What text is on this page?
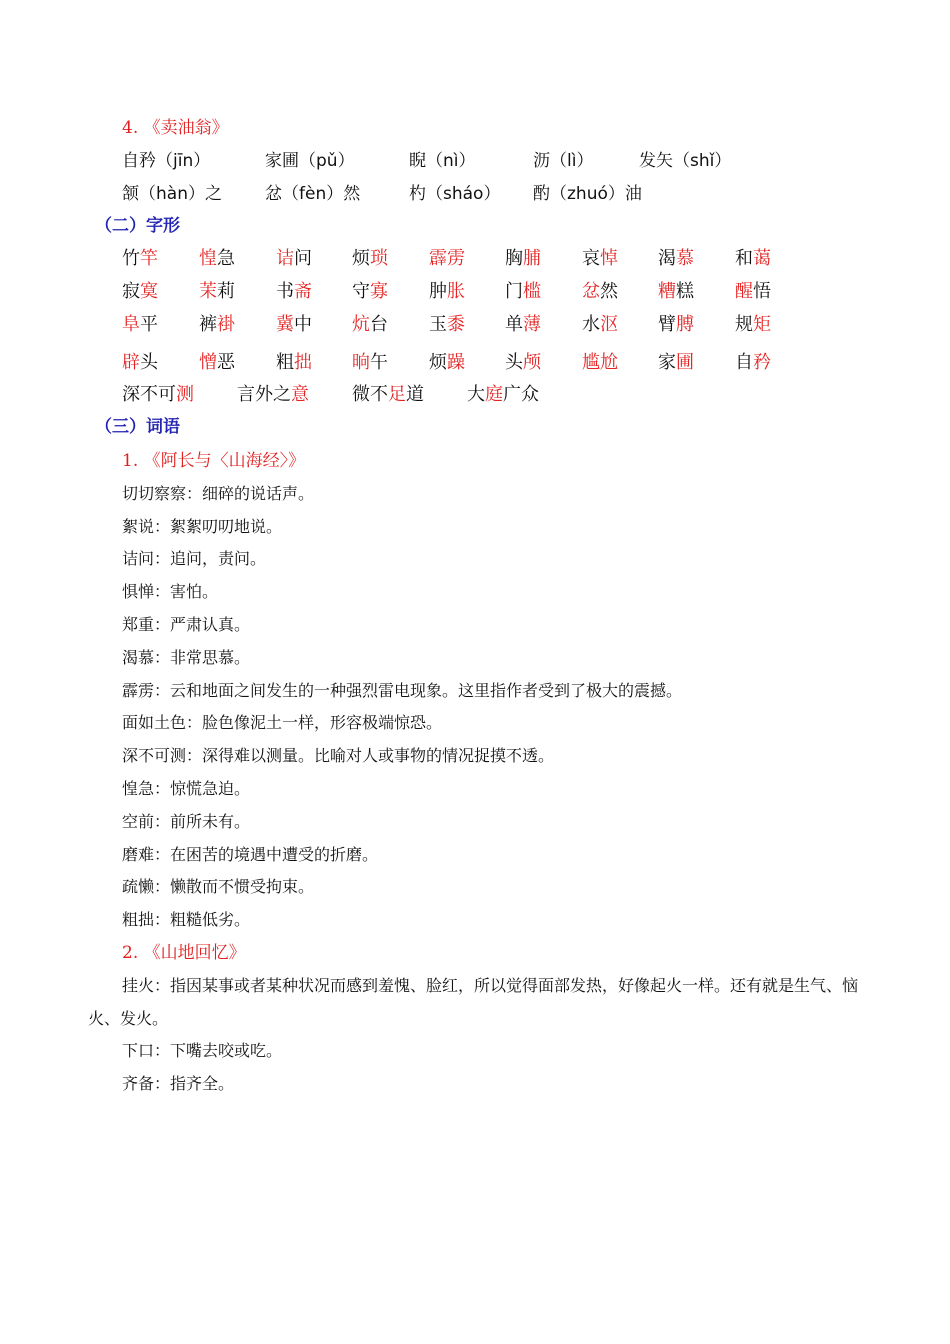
4. 《卖油翁》
自矜（jīn）	家圃（pǔ）	睨（nì）	沥（lì）	发矢（shǐ）
颔（hàn）之	忿（fèn）然	杓（sháo） 酌（zhuó）油
（二）字形
竹竿 惶急 诘问 烦琐 霹雳 胸脯 哀悼 渴慕 和蔼
寂寞 茉莉 书斋 守寡 肿胀 门槛 忿然 糟糕 醒悟
阜平 裤褂 冀中 炕台 玉黍 单薄 水沤 臂膊 规矩
辟头 憎恶 粗拙 晌午 烦躁 头颅 尴尬 家圃 自矜
深不可测 言外之意 微不足道 大庭广众
（三）词语
1. 《阿长与〈山海经〉》
切切察察：细碎的说话声。
絮说：絮絮叨叨地说。
诘问：追问，责问。
惧惮：害怕。
郑重：严肃认真。
渴慕：非常思慕。
霹雳：云和地面之间发生的一种强烈雷电现象。这里指作者受到了极大的震撼。
面如土色：脸色像泥土一样，形容极端惊恐。
深不可测：深得难以测量。比喻对人或事物的情况捉摸不透。
惶急：惊慌急迫。
空前：前所未有。
磨难：在困苦的境遇中遭受的折磨。
疏懒：懒散而不惯受拘束。
粗拙：粗糙低劣。
2. 《山地回忆》
挂火：指因某事或者某种状况而感到羞愧、脸红，所以觉得面部发热，好像起火一样。还有就是生气、恼火、发火。
下口：下嘴去咬或吃。
齐备：指齐全。
